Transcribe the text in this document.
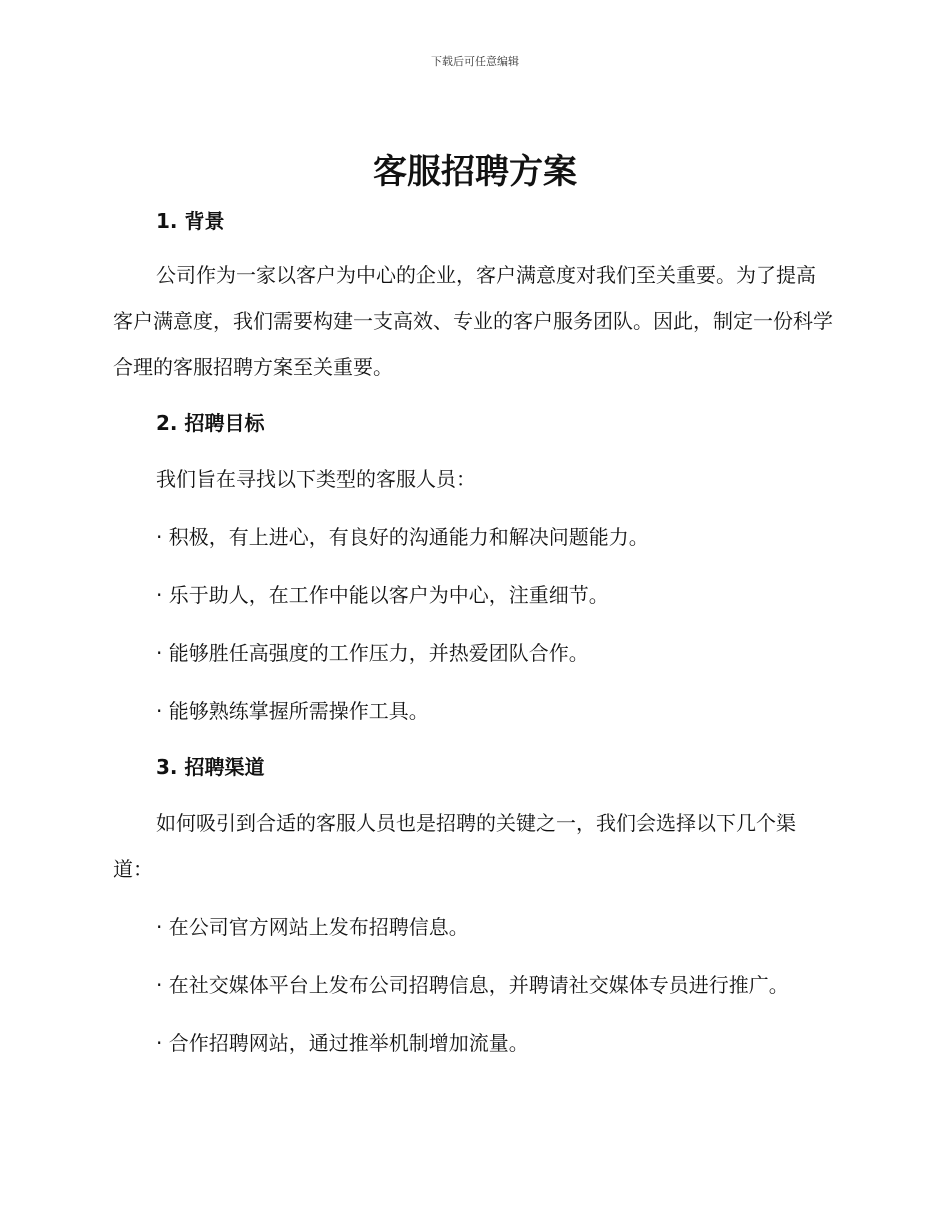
下载后可任意编辑
客服招聘方案
1. 背景

公司作为一家以客户为中心的企业，客户满意度对我们至关重要。为了提高客户满意度，我们需要构建一支高效、专业的客户服务团队。因此，制定一份科学合理的客服招聘方案至关重要。

2. 招聘目标

我们旨在寻找以下类型的客服人员：

· 积极，有上进心，有良好的沟通能力和解决问题能力。

· 乐于助人，在工作中能以客户为中心，注重细节。

· 能够胜任高强度的工作压力，并热爱团队合作。

· 能够熟练掌握所需操作工具。

3. 招聘渠道

如何吸引到合适的客服人员也是招聘的关键之一，我们会选择以下几个渠道：

· 在公司官方网站上发布招聘信息。

· 在社交媒体平台上发布公司招聘信息，并聘请社交媒体专员进行推广。

· 合作招聘网站，通过推举机制增加流量。
